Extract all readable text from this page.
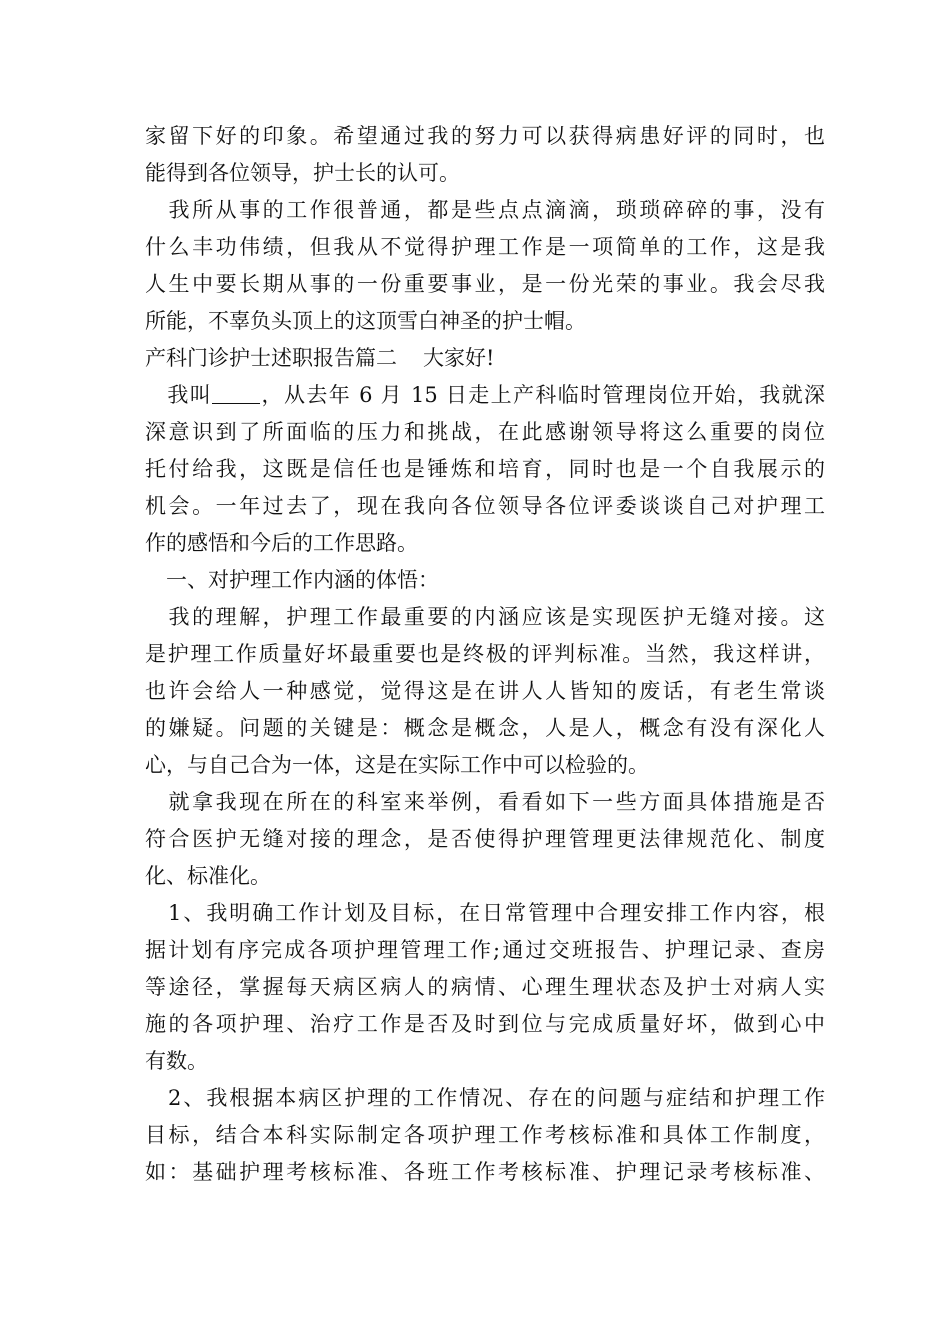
家留下好的印象。希望通过我的努力可以获得病患好评的同时，也
能得到各位领导，护士长的认可。
　我所从事的工作很普通，都是些点点滴滴，琐琐碎碎的事，没有
什么丰功伟绩，但我从不觉得护理工作是一项简单的工作，这是我
人生中要长期从事的一份重要事业，是一份光荣的事业。我会尽我
所能，不辜负头顶上的这顶雪白神圣的护士帽。
产科门诊护士述职报告篇二 大家好!
　我叫 ，从去年 6 月 15 日走上产科临时管理岗位开始，我就深
深意识到了所面临的压力和挑战，在此感谢领导将这么重要的岗位
托付给我，这既是信任也是锤炼和培育，同时也是一个自我展示的
机会。一年过去了，现在我向各位领导各位评委谈谈自己对护理工
作的感悟和今后的工作思路。
　一、对护理工作内涵的体悟：
　我的理解，护理工作最重要的内涵应该是实现医护无缝对接。这
是护理工作质量好坏最重要也是终极的评判标准。当然，我这样讲，
也许会给人一种感觉，觉得这是在讲人人皆知的废话，有老生常谈
的嫌疑。问题的关键是：概念是概念，人是人，概念有没有深化人
心，与自己合为一体，这是在实际工作中可以检验的。
　就拿我现在所在的科室来举例，看看如下一些方面具体措施是否
符合医护无缝对接的理念，是否使得护理管理更法律规范化、制度
化、标准化。
　1、我明确工作计划及目标，在日常管理中合理安排工作内容，根
据计划有序完成各项护理管理工作;通过交班报告、护理记录、查房
等途径，掌握每天病区病人的病情、心理生理状态及护士对病人实
施的各项护理、治疗工作是否及时到位与完成质量好坏，做到心中
有数。
　2、我根据本病区护理的工作情况、存在的问题与症结和护理工作
目标，结合本科实际制定各项护理工作考核标准和具体工作制度，
如：基础护理考核标准、各班工作考核标准、护理记录考核标准、
